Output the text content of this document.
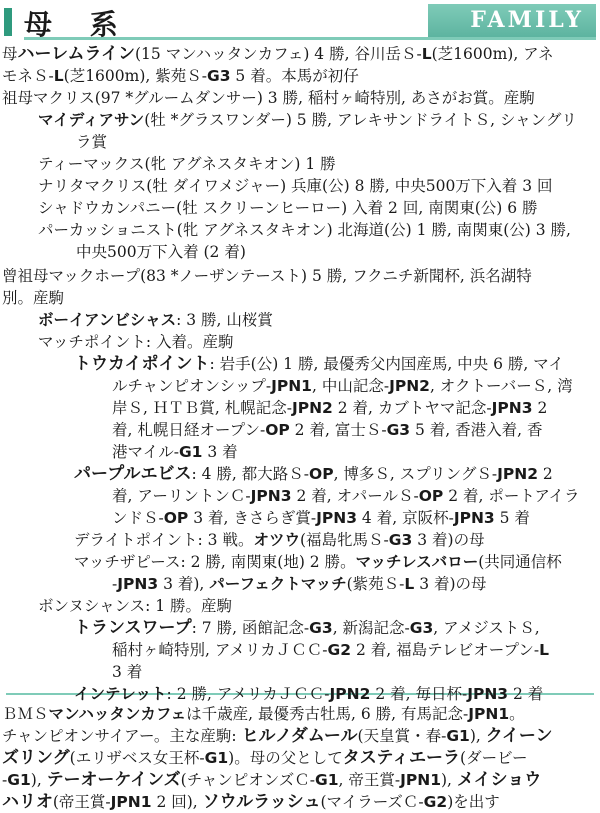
母 系	FAMILY
母ハーレムライン(15 マンハッタンカフェ) 4 勝, 谷川岳Ｓ-L(芝1600m), アネ
モネＳ-L(芝1600m), 紫苑Ｓ-G3 5 着。本馬が初仔
祖母マクリス(97 *グルームダンサー) 3 勝, 稲村ヶ崎特別, あさがお賞。産駒
マイディアサン(牡 *グラスワンダー) 5 勝, アレキサンドライトＳ, シャングリ
ラ賞
ティーマックス(牝 アグネスタキオン) 1 勝
ナリタマクリス(牡 ダイワメジャー) 兵庫(公) 8 勝, 中央500万下入着 3 回
シャドウカンパニー(牡 スクリーンヒーロー) 入着 2 回, 南関東(公) 6 勝
パーカッショニスト(牝 アグネスタキオン) 北海道(公) 1 勝, 南関東(公) 3 勝,
中央500万下入着 (2 着)
曾祖母マックホープ(83 *ノーザンテースト) 5 勝, フクニチ新聞杯, 浜名湖特
別。産駒
ボーイアンビシャス: 3 勝, 山桜賞
マッチポイント: 入着。産駒
トウカイポイント: 岩手(公) 1 勝, 最優秀父内国産馬, 中央 6 勝, マイ
ルチャンピオンシップ-JPN1, 中山記念-JPN2, オクトーバーＳ, 湾
岸Ｓ, ＨＴＢ賞, 札幌記念-JPN2 2 着, カブトヤマ記念-JPN3 2
着, 札幌日経オープン-OP 2 着, 富士Ｓ-G3 5 着, 香港入着, 香
港マイル-G1 3 着
パープルエビス: 4 勝, 都大路Ｓ-OP, 博多Ｓ, スプリングＳ-JPN2 2
着, アーリントンＣ-JPN3 2 着, オパールＳ-OP 2 着, ポートアイラ
ンドＳ-OP 3 着, きさらぎ賞-JPN3 4 着, 京阪杯-JPN3 5 着
デライトポイント: 3 戦。オツウ(福島牝馬Ｓ-G3 3 着)の母
マッチザピース: 2 勝, 南関東(地) 2 勝。マッチレスバロー(共同通信杯
-JPN3 3 着), パーフェクトマッチ(紫苑Ｓ-L 3 着)の母
ボンヌシャンス: 1 勝。産駒
トランスワープ: 7 勝, 函館記念-G3, 新潟記念-G3, アメジストＳ,
稲村ヶ崎特別, アメリカＪＣＣ-G2 2 着, 福島テレビオープン-L
3 着
インテレット: 2 勝, アメリカＪＣＣ-JPN2 2 着, 毎日杯-JPN3 2 着
ＢＭＳマンハッタンカフェは千歳産, 最優秀古牡馬, 6 勝, 有馬記念-JPN1。
チャンピオンサイアー。主な産駒: ヒルノダムール(天皇賞・春-G1), クイーン
ズリング(エリザベス女王杯-G1)。母の父としてタスティエーラ(ダービー
-G1), テーオーケインズ(チャンピオンズＣ-G1, 帝王賞-JPN1), メイショウ
ハリオ(帝王賞-JPN1 2 回), ソウルラッシュ(マイラーズＣ-G2)を出す
